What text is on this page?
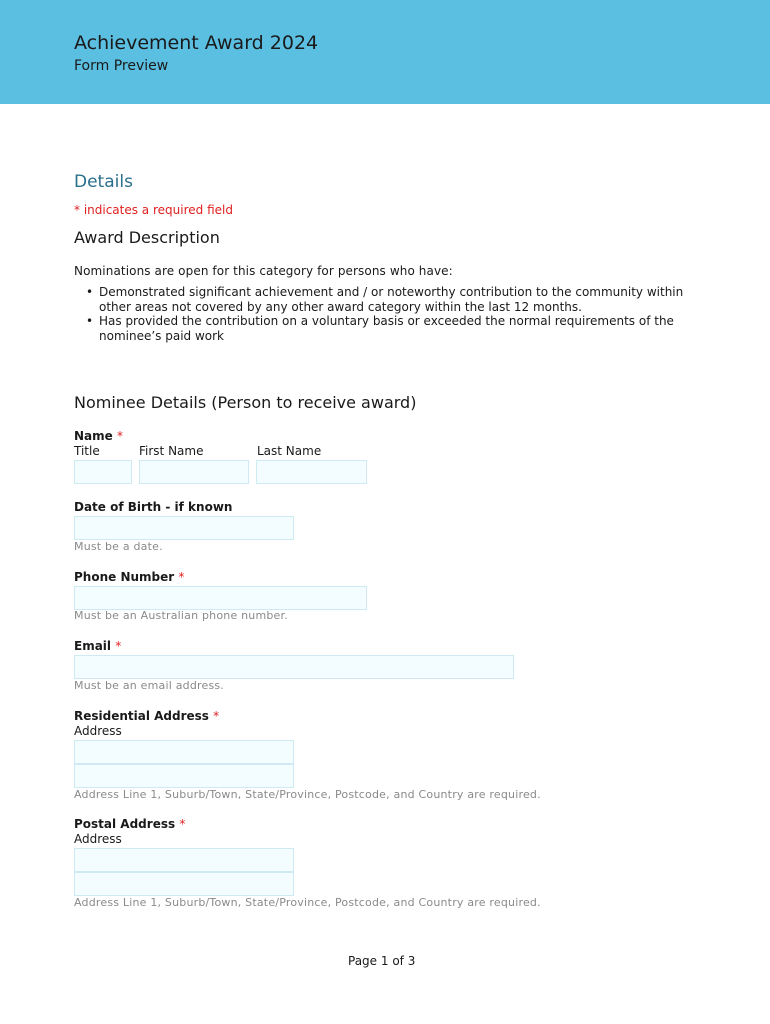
Achievement Award 2024
Form Preview
Details
* indicates a required field
Award Description
Nominations are open for this category for persons who have:
• Demonstrated significant achievement and / or noteworthy contribution to the community within other areas not covered by any other award category within the last 12 months.
• Has provided the contribution on a voluntary basis or exceeded the normal requirements of the nominee’s paid work
Nominee Details (Person to receive award)
Name *
Title	First Name	Last Name
Date of Birth - if known
Must be a date.
Phone Number *
Must be an Australian phone number.
Email *
Must be an email address.
Residential Address *
Address
Address Line 1, Suburb/Town, State/Province, Postcode, and Country are required.
Postal Address *
Address
Address Line 1, Suburb/Town, State/Province, Postcode, and Country are required.
Page 1 of 3
